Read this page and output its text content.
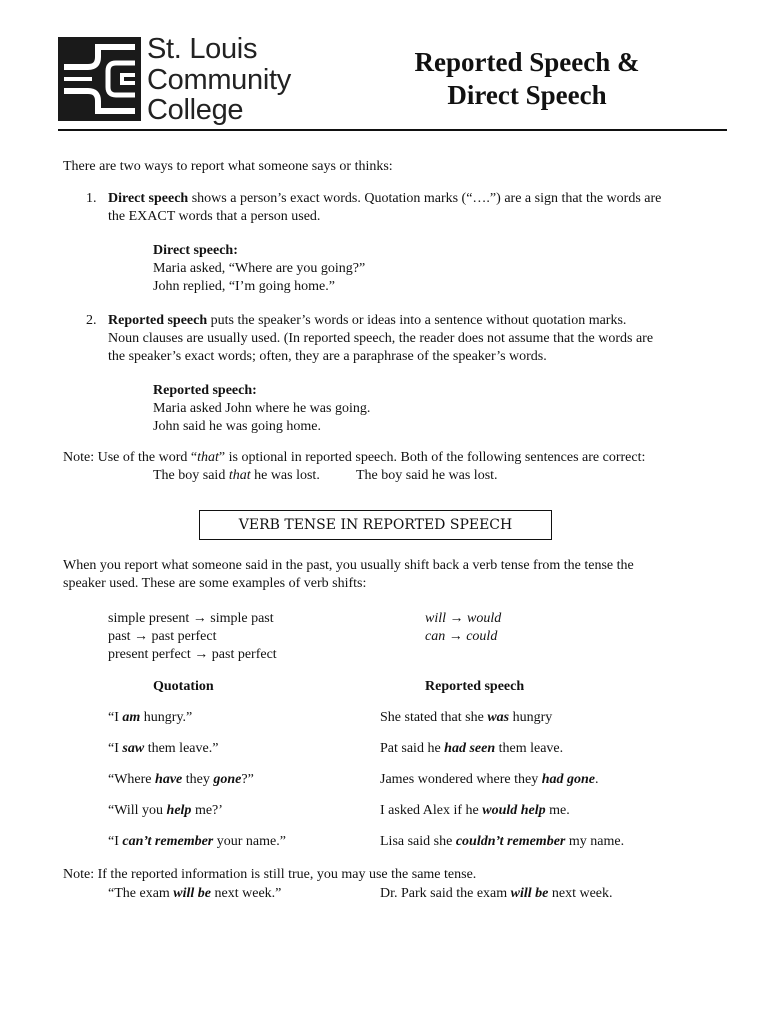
St. Louis
Community
College
Reported Speech &
Direct Speech
There are two ways to report what someone says or thinks:
1. Direct speech shows a person’s exact words. Quotation marks (“….”) are a sign that the words are
the EXACT words that a person used.
Direct speech:
Maria asked, “Where are you going?”
John replied, “I’m going home.”
2. Reported speech puts the speaker’s words or ideas into a sentence without quotation marks.
Noun clauses are usually used. (In reported speech, the reader does not assume that the words are
the speaker’s exact words; often, they are a paraphrase of the speaker’s words.
Reported speech:
Maria asked John where he was going.
John said he was going home.
Note: Use of the word “that” is optional in reported speech. Both of the following sentences are correct:
The boy said that he was lost.	The boy said he was lost.
VERB TENSE IN REPORTED SPEECH
When you report what someone said in the past, you usually shift back a verb tense from the tense the
speaker used. These are some examples of verb shifts:
simple present → simple past
past → past perfect
present perfect → past perfect
will → would
can → could
Quotation	Reported speech
“I am hungry.”	She stated that she was hungry
“I saw them leave.”	Pat said he had seen them leave.
“Where have they gone?”	James wondered where they had gone.
“Will you help me?’	I asked Alex if he would help me.
“I can’t remember your name.”	Lisa said she couldn’t remember my name.
Note: If the reported information is still true, you may use the same tense.
“The exam will be next week.”	Dr. Park said the exam will be next week.
